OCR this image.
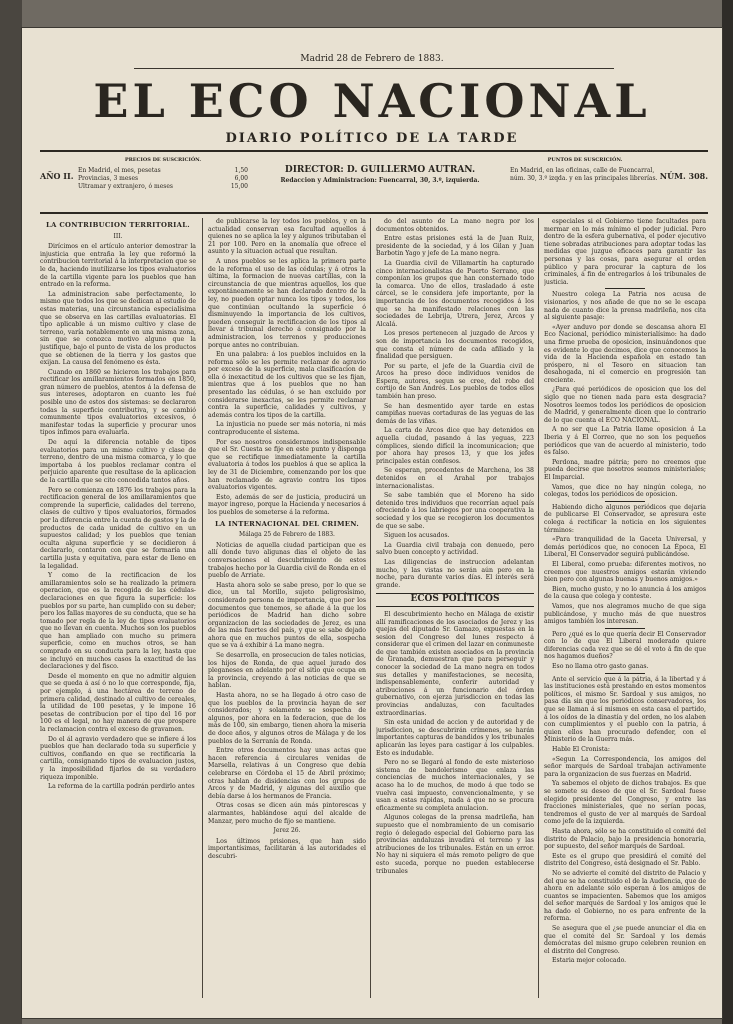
Madrid 28 de Febrero de 1883.
EL ECO NACIONAL
DIARIO POLÍTICO DE LA TARDE
AÑO II.
PRECIOS DE SUSCRICIÓN.
En Madrid, el mes, pesetas	1,50
Provincias, 3 meses	6,00
Ultramar y extranjero, ó meses	15,00
DIRECTOR: D. GUILLERMO AUTRAN.
Redaccion y Administracion: Fuencarral, 30, 3.º, izquierda.
PUNTOS DE SUSCRICIÓN.
En Madrid, en las oficinas, calle de Fuencarral, núm. 30, 3.º izqda. y en las principales librerías. NÚM. 308.
LA CONTRIBUCION TERRITORIAL.
III.

Dirícimos en el artículo anterior demostrar la injusticia que entraña la ley que reformó la contribucion territorial á la interpretacion que se le da, haciendo inutilizarse los tipos evaluatorios de la cartilla vigente para los pueblos que han entrado en la reforma.

La administracion sabe perfectamente, lo mismo que todos los que se dedican al estudio de estas materias, una circunstancia especialísima que se observa en las cartillas evaluatorias. El tipo aplicable á un mismo cultivo y clase de terreno, varía notablemente en una misma zona, sin que se conozca motivo alguno que la justifique, bajo el punto de vista de los productos que se obtienen de la tierra y los gastos que exijan. La causa del fenómeno es ésta.

Cuando en 1860 se hicieron los trabajos para rectificar los amillaramientos formados en 1850, gran número de pueblos, atentos á la defensa de sus intereses, adoptaron en cuanto les fué posible uno de estos dos sistemas: se declararon todas la superficie contributiva, y se cambió comunmente tipos evaluatorios excesivos, ó manifestar todas la superficie y procurar unos tipos ínfimos para evaluarla.

De aquí la diferencia notable de tipos evaluatorios para un mismo cultivo y clase de terreno, dentro de una misma comarca, y lo que importaba á los pueblos reclamar contra el perjuicio aparente que resultase de la aplicacion de la cartilla que se cito concedida tantos años.

Pero se comienza en 1876 los trabajos para la rectificacion general de los amillaramientos que comprende la superficie, calidades del terreno, clases de cultivo y tipos evaluatorios, fórmados por la diferencia entre la cuenta de gastos y la de productos de cada unidad de cultivo en un supuestos calidad; y los pueblos que tenian oculta alguna superficie y se decidieron á declararlo, contaron con que se formaría una cartilla justa y equitativa, para estar de lleno en la legalidad.

Y como de la rectificacion de los amillaramientos solo se ha realizado la primera operacion, que es la recogida de las cédulas-declaraciones en que figura la superficie: los pueblos por su parte, han cumplido con su deber; pero los fallas mayores de su conducta, que se ha tomado por regla de la ley de tipos evaluatorios que no llevan en cuenta. Muchos son los pueblos que han ampliado con mucho su primera superficie, como en muchos otros, se han comprado en su conducta para la ley, hasta que se incluyó en muchos casos la exactitud de las declaraciones y del fisco.

Desde el momento en que no admitir alguien que se queda á así ó no lo que corresponde, fija, por ejemplo, á una hectárea de terreno de primera calidad, destinado al cultivo de cereales, la utilidad de 100 pesetas, y le impone 16 pesetas de contribucion por el tipo del 16 por 100 es el legal, no hay manera de que prospere la reclamacion contra el exceso de gravamen.

Do el ál agravio verdadero que se infiere á los pueblos que han declarado toda su superficie y cultivos, confiando en que se rectificaría la cartilla, consignando tipos de evaluacion justos, y la imposibilidad fijarlos de su verdadero riqueza imponible.

La reforma de la cartilla podrán perdirlo antes

de publicarse la ley todos los pueblos, y en la actualidad conservan esa facultad aquellos á quienes no se aplica la ley y algunos tributaban el 21 por 100. Pero en la anomalía que ofrece el asunto y la situacion actual que resultan.

A unos pueblos se les aplica la primera parte de la reforma el uso de las cédulas; y á otros la última, la formacion de nuevas cartillas, con la circunstancia de que mientras aquellos, los que expontáneamente se han declarado dentro de la ley, no pueden optar nunca los tipos y todos, los que continúan ocultando la superficie ó disminuyendo la importancia de los cultivos, pueden conseguir la rectificacion de los tipos al llevar á tribunal derecho á consignado por la administracion, los terrenos y producciones porque antes no contribuian.

En una palabra: á los pueblos incluidos en la reforma sólo se les permite reclamar de agravio por exceso de la superficie, mala clasificacion de ella ó inexactitud de los cultivos que se les fijan, mientras que á los pueblos que no han presentado las cédulas, ó se han excluido por considerarse inexactas, se les permite reclamar contra la superficie, calidades y cultivos, y además contra los tipos de la cartilla.

La injusticia no puede ser más notoria, ni más contraproducente el sistema.

Por eso nosotros consideramos indispensable que el Sr. Cuesta se fije en este punto y disponga que se rectifique inmediatamente la cartilla evaluatoria á todos los pueblos á que se aplica la ley de 31 de Diciembre, comenzando por los que han reclamado de agravio contra los tipos evaluatorios vigentes.

Esto, además de ser de justicia, producirá un mayor ingreso, porque la Hacienda y necesarios á los pueblos de someterse á la reforma.

LA INTERNACIONAL DEL CRIMEN.
Málaga 25 de Febrero de 1883.

Noticias de aquella ciudad participan que es allí donde tuvo aligunas dias el objeto de las conversaciones el descubrimiento de estos trabajos hecho por la Guardia civil de Ronda en el pueblo de Arriate.

Hasta ahora solo se sabe preso, por lo que se dice, un tal Morillo, sujeto peligrosísimo, considerado persona de importancia, que por los documentos que tenemos, se añade á la que los periódicos de Madrid han dicho sobre organizacion de las sociedades de Jerez, es una de las más fuertes del país, y que se sabe dejado ahora que en muchos puntos de ella, sospecha que se va á exhibir á La mano negra.

Se desarrolla, en prosecucion de tales noticias, los hijos de Ronda, de que aquel jurado dos pleganeses en adelante por el sitio que ocupa en la provincia, creyendo á las noticias de que se hablan.

Hasta ahora, no se ha llegado á otro caso de que los pueblos de la provincia hayan de ser considerados; y solamente se sospecha de algunos, por ahora en la federacion, que de los más de 100, sin embargo, tienen ahora la miseria de doce años, y algunos otros de Málaga y de los pueblos de la Serranía de Ronda.

Entre otros documentos hay unas actas que hacen referencia á circulares venidas de Marsella, relativas á un Congreso que debía celebrarse en Córdoba el 15 de Abril próximo; otras hablan de disidencias con los grupos de Arcos y de Madrid, y algunas del auxilio que debía darse á los hermanos de Francia.

Otras cosas se dicen aún más pintorescas y alarmantes, hablándose aquí del alcalde de Manzar, pero mucho de fijo se mantiene.

Jerez 26.

Los últimos prisiones, que han sido importantísimas, facilitarán á las autoridades el descubri-

do del asunto de La mano negra por los documentos obtenidos.

Entre estas prisiones está la de Juan Ruiz, presidente de la sociedad, y á los Gilan y Juan Barbotin Yago y jefe de La mano negra.

La Guardia civil de Villamartín ha capturado cinco internacionalistas de Puerto Serrano, que componían los grupos que han consternado todo la comarca. Uno de ellos, trasladado á este cárcel, se le considera jefe importante, por la importancia de los documentos recogidos á los que se ha manifestado relaciones con las sociedades de Lebrija, Utrera, Jerez, Arcos y Alcalá.

Los presos pertenecen al juzgado de Arcos y son de importancia los documentos recogidos, que consta el número de cada afiliado y la finalidad que persiguen.

Por su parte, el jefe de la Guardia civil de Arcos ha preso doce individuos venidos de Espera, autores, segun se cree, del robo del cortijo de San Andrés. Los pueblos de todos ellos también han preso.

Se han desmentido ayer tarde en estas campiñas nuevas cortaduras de las yeguas de las demás de las viñas.

La carta de Arcos dice que hay detenidos en aquella ciudad, pasando á las yeguas, 223 cómplices, siendo difícil la incomunicacion; que por ahora hay presos 13, y que los jefes principales están confesos.

Se esperan, procedentes de Marchena, los 38 detenidos en el Arahal por trabajos internacionalistas.

Se sabe también que el Moreno ha sido detenido tres individuos que recorrían aquel país ofreciendo á los labriegos por una cooperativa la sociedad y los que se recogieron los documentos de que se sabe.

Siguen los acusados.

La Guardia civil trabaja con denuedo, pero salvo buen concepto y actividad.

Las diligencias de instruccion adelantan mucho, y las vistas no serán aún pero en la noche, para durante varios días. El interés será grande.

ECOS POLÍTICOS

El descubrimiento hecho en Málaga de existir allí ramificaciones de los asociados de Jerez y las quejas del diputado Sr. Gamazo, expuestas en la sesion del Congreso del lunes respecto á considerar que el crimen del lazar en conmuneste de que también existen asociados en la provincia de Granada, demuestran que para perseguir y conocer la sociedad de La mano negra en todos sus detalles y manifestaciones, se necesita, indispensablemente, conferir autoridad y atribuciones á un funcionario del órden gubernativo, con ejerza jurisdiccion en todas las provincias andaluzas, con facultades extraordinarias.

Sin esta unidad de accion y de autoridad y de jurisdiccion, se descubrirán crímenes, se harán importantes capturas de bandidos y los tribunales aplicarán las leyes para castigar á los culpables. Esto es indudable.

Pero no se llegará al fondo de este misterioso sistema de bandolerismo que enlaza las conciencias de muchos internacionales, y se acaso ha lo de muchos, de modo á que todo se vuelva casi impuesto, convencionalmente, y se usan a estas rápidas, nada á que no se procura eficazmente su completa anulacion.

Algunos colegas de la prensa madrileña, han supuesto que el nombramiento de un comisario regio ó delegado especial del Gobierno para las provincias andaluzas invadirá el terreno y las atribuciones de los tribunales. Están en un error. No hay ni siquiera el más remoto peligro de que esto suceda, porque no pueden establecerse tribunales

especiales si el Gobierno tiene facultades para mermar en lo más mínimo el poder judicial. Pero dentro de la esfera gubernativa, el poder ejecutivo tiene sobradas atribuciones para adoptar todas las medidas que juzgue eficaces para garantir las personas y las cosas, para asegurar el orden público y para procurar la captura de los criminales, á fin de entregarlos á los tribunales de justicia.

Nuestro colega La Patria nos acusa de visionarios, y nos añade de que no se le escapa nada de cuanto dice la prensa madrileña, nos cita al siguiente pasaje:

«Ayer anduvo por donde se descansa ahora El Eco Nacional, periódico ministerialísimo: ha dado una firme prueba de oposicion, insinuándonos que es evidente lo que decimos, dice que conocemos la vida de la Hacienda española en estado tan próspero, ni el Tesoro en situacion tan desahogada, ni el comercio en progresión tan creciente.

¿Para qué periódicos de oposicion que los del siglo que no tienen nada para esta desgracia? Nosotros leemos todos los periódicos de oposicion de Madrid, y generalmente dicen que lo contrario de lo que cuenta el ECO NACIONAL.

A no ser que La Patria llame oposicion á La Iberia y á El Correo, que no son los pequeños periódicos que van de acuerdo al ministerio, todo es falso.

Perdona, madre pátria; pero no creemos que pueda decirse que nosotros seamos ministeriales; El Imparcial.

Vamos, que dice no hay ningún colega, no colegas, todos los periódicos de oposicion.

Habiendo dicho algunos periódicos que dejaria de publicarse El Conservador, se apresura este colega á rectificar la noticia en los siguientes términos:

«Para tranquilidad de la Gaceta Universal, y demás periódicos que, no conocen La Época, El Liberal, El Conservador seguirá publicándose.

El Liberal, como prueba: diferentes motivos, no creemos que nuestros amigos estarán viviendo bien pero con algunas buenas y buenos amigos.»

Bien, mucho gusto, y no lo anuncia á los amigos de la causa que colega y conteste.

Vamos, que nos alegramos mucho de que siga publicándose, y mucho más de que nuestros amigos también los interesan.

Pero ¿qué es lo que quería decir El Conservador con lo de que El Liberal moderado quiere diferencias cada vez que se dé el voto á fin de que nos hagamos dueños?

Eso no llama otro gasto ganas.

Ante el servicio que á la pátria, á la libertad y á las instituciones está prestando en estos momentos políticos, el mismo Sr. Sardoal y sus amigos, no pasa día sin que los periódicos conservadores, los que se llaman á sí mismos en esta casa el partido, á los oídos de la dinastía y del orden, no los alaben con cumplimientos y el pueblo con la patria, á quien ellos han procurado defender, con el Ministerio de la Guerra más.

Hable El Cronista:

«Segun La Correspondencia, los amigos del señor marqués de Sardoal trabajan activamente para la organizacion de sus fuerzas en Madrid.

Ya sabemos el objeto de dichos trabajos. Es que se somete su deseo de que el Sr. Sardoal fuese elegido presidente del Congreso, y entre las fracciones ministeriales, que no serían pocas, tendremos el gusto de ver al marqués de Sardoal como jefe de la izquierda.

Hasta ahora, sólo se ha constituido el comité del distrito de Palacio, bajo la presidencia honoraria, por supuesto, del señor marqués de Sardoal.

Este es el grupo que presidirá el comité del distrito del Congreso, está designado el Sr. Pablo.

No se advierte el comité del distrito de Palacio y del que se ha constituido el de la Audiencia, que de ahora en adelante sólo esperan á los amigos de cuantos se impacienten. Sabemos que los amigos del señor marqués de Sardoal y los amigos que le ha dado el Gobierno, no es para enfrente de la reforma.

Se asegura que el ¿se puede anunciar el dia en que el comité del Sr. Sardoal y los demás demócratas del mismo grupo celebren reunion en el distrito del Congreso.

Estaria mejor colocado.
